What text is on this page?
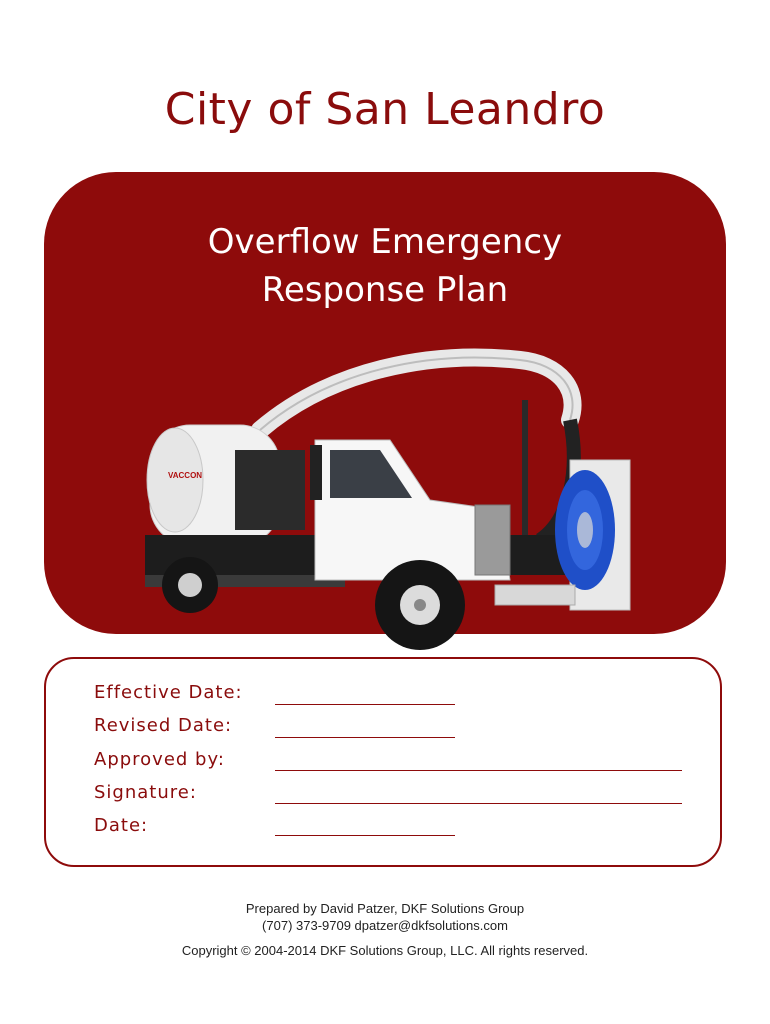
City of San Leandro
Overflow Emergency
Response Plan
VACCON
Effective Date:
Revised Date:
Approved by:
Signature:
Date:
Prepared by David Patzer, DKF Solutions Group
(707) 373-9709 dpatzer@dkfsolutions.com
Copyright © 2004-2014 DKF Solutions Group, LLC. All rights reserved.
